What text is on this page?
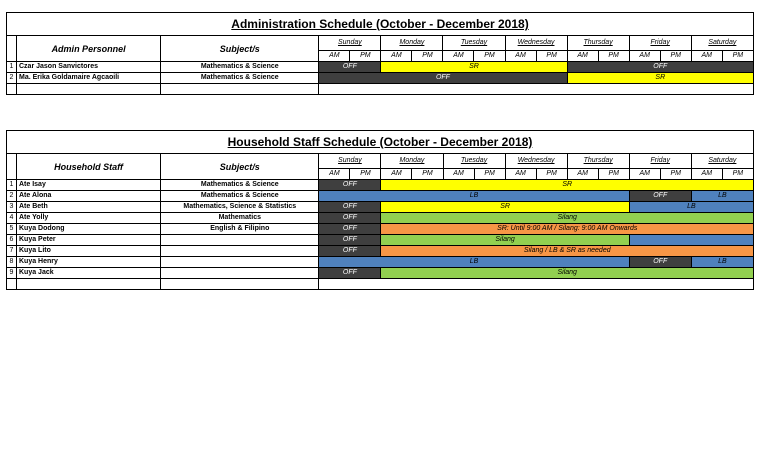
Administration Schedule (October - December 2018)																
	Admin Personnel	Subject/s	Sunday		Monday		Tuesday		Wednesday		Thursday		Friday		Saturday	
			AM	PM	AM	PM	AM	PM	AM	PM	AM	PM	AM	PM	AM	PM
1	Czar Jason Sanvictores	Mathematics & Science	OFF		SR						OFF					
2	Ma. Erika Goldamaire Agcaoili	Mathematics & Science	OFF								SR					

Household Staff Schedule (October - December 2018)																
	Household Staff	Subject/s	Sunday		Monday		Tuesday		Wednesday		Thursday		Friday		Saturday	
			AM	PM	AM	PM	AM	PM	AM	PM	AM	PM	AM	PM	AM	PM
1	Ate Isay	Mathematics & Science	OFF		SR											
2	Ate Alona	Mathematics & Science	LB										OFF		LB	
3	Ate Beth	Mathematics, Science & Statistics	OFF		SR								LB			
4	Ate Yolly	Mathematics	OFF		Silang											
5	Kuya Dodong	English & Filipino	OFF		SR: Until 9:00 AM / Silang: 9:00 AM Onwards											
6	Kuya Peter		OFF		Silang											
7	Kuya Lito		OFF		Silang / LB & SR as needed											
8	Kuya Henry		LB										OFF		LB	
9	Kuya Jack		OFF		Silang											
